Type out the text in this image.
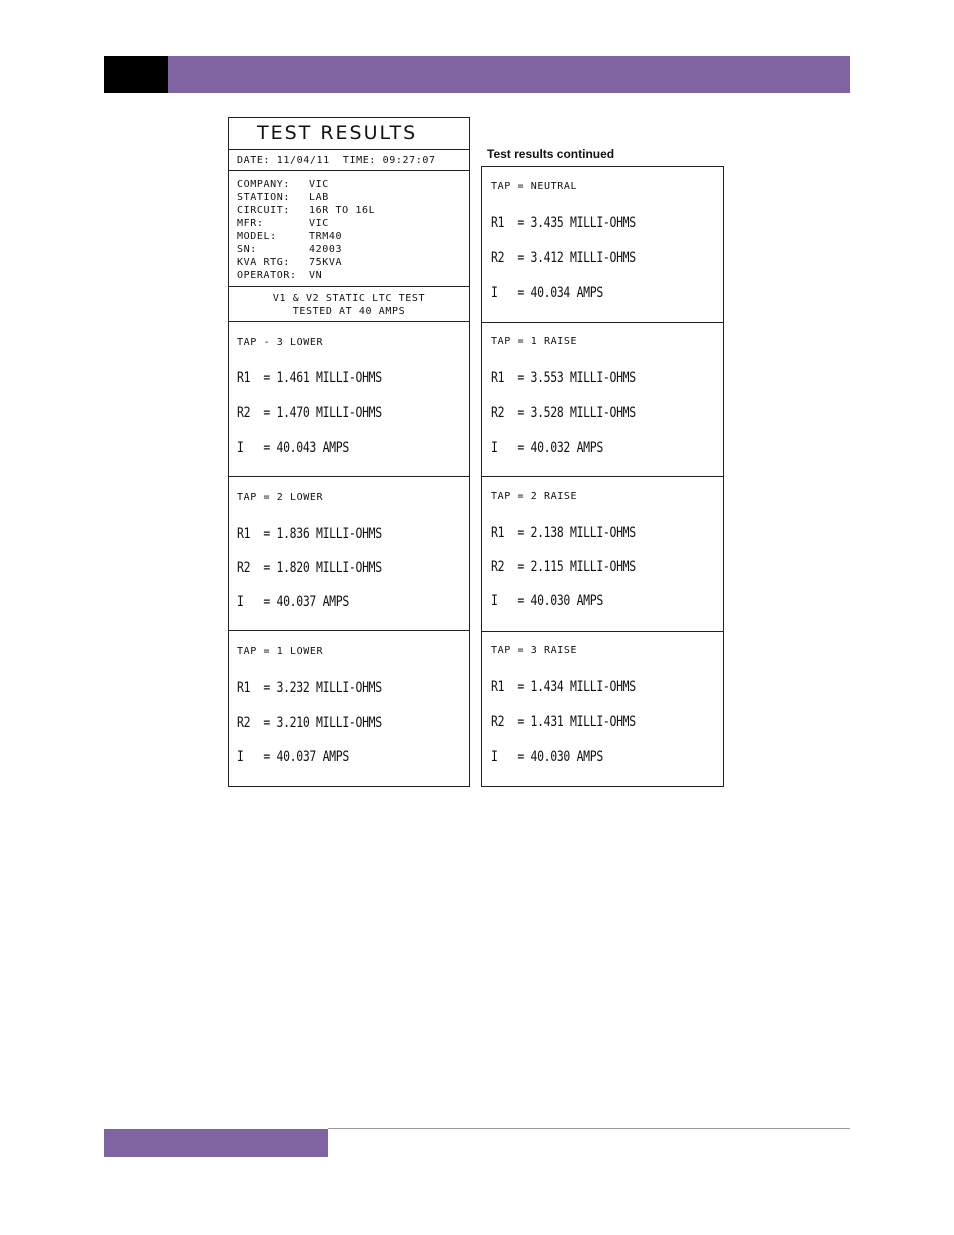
TEST RESULTS
DATE: 11/04/11  TIME: 09:27:07
COMPANY: VIC
STATION: LAB
CIRCUIT: 16R TO 16L
MFR:	VIC
MODEL:	TRM40
SN:	42003
KVA RTG: 75KVA
OPERATOR: VN
V1 & V2 STATIC LTC TEST
TESTED AT 40 AMPS
TAP - 3 LOWER
R1  = 1.461 MILLI-OHMS
R2  = 1.470 MILLI-OHMS
I   = 40.043 AMPS
TAP = 2 LOWER
R1  = 1.836 MILLI-OHMS
R2  = 1.820 MILLI-OHMS
I   = 40.037 AMPS
TAP = 1 LOWER
R1  = 3.232 MILLI-OHMS
R2  = 3.210 MILLI-OHMS
I   = 40.037 AMPS
Test results continued
TAP = NEUTRAL
R1  = 3.435 MILLI-OHMS
R2  = 3.412 MILLI-OHMS
I   = 40.034 AMPS
TAP = 1 RAISE
R1  = 3.553 MILLI-OHMS
R2  = 3.528 MILLI-OHMS
I   = 40.032 AMPS
TAP = 2 RAISE
R1  = 2.138 MILLI-OHMS
R2  = 2.115 MILLI-OHMS
I   = 40.030 AMPS
TAP = 3 RAISE
R1  = 1.434 MILLI-OHMS
R2  = 1.431 MILLI-OHMS
I   = 40.030 AMPS
